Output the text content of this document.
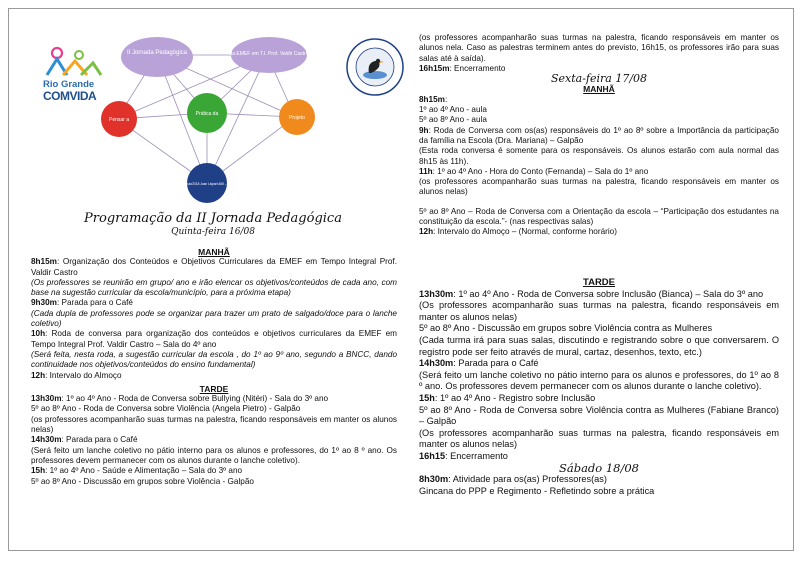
Rio Grande
COMVIDA
II Jornada Pedagógica	da EMEF em T.I. Prof. Valdir Castro
Pensar a
Prática da
Projeto
16 - 18/Agosto/2018 Joan Lispart.485 - Santa Rosa
Programação da II Jornada Pedagógica
Quinta-feira 16/08

MANHÃ

8h15m: Organização dos Conteúdos e Objetivos Curriculares da EMEF em Tempo Integral Prof. Valdir Castro

(Os professores se reunirão em grupo/ ano e irão elencar os objetivos/conteúdos de cada ano, com base na sugestão curricular da escola/município, para a próxima etapa)

9h30m: Parada para o Café

(Cada dupla de professores pode se organizar para trazer um prato de salgado/doce para o lanche coletivo)

10h: Roda de conversa para organização dos conteúdos e objetivos curriculares da EMEF em Tempo Integral Prof. Valdir Castro – Sala do 4º ano

(Será feita, nesta roda, a sugestão curricular da escola , do 1º ao 9º ano, segundo a BNCC, dando continuidade nos objetivos/conteúdos do ensino fundamental)

12h: Intervalo do Almoço

TARDE

13h30m: 1º ao 4º Ano - Roda de Conversa sobre Bullying (Nitéri) - Sala do 3º ano

5º ao 8º Ano - Roda de Conversa sobre Violência (Angela Pietro) - Galpão

(os professores acompanharão suas turmas na palestra, ficando responsáveis em manter os alunos nelas)

14h30m: Parada para o Café

(Será feito um lanche coletivo no pátio interno para os alunos e professores, do 1º ao 8 º ano. Os professores devem permanecer com os alunos durante o lanche coletivo).

15h: 1º ao 4º Ano - Saúde e Alimentação – Sala do 3º ano

5º ao 8º Ano - Discussão em grupos sobre Violência - Galpão

(os professores acompanharão suas turmas na palestra, ficando responsáveis em manter os alunos nela. Caso as palestras terminem antes do previsto, 16h15, os professores irão para suas salas até à saída).

16h15m: Encerramento

Sexta-feira 17/08

MANHÃ

8h15m:

1º ao 4º Ano - aula

5º ao 8º Ano - aula

9h: Roda de Conversa com os(as) responsáveis do 1º ao 8º sobre a Importância da participação da família na Escola (Dra. Mariana) – Galpão

(Esta roda conversa é somente para os responsáveis. Os alunos estarão com aula normal das 8h15 às 11h).

11h: 1º ao 4º Ano - Hora do Conto (Fernanda) – Sala do 1º ano

(os professores acompanharão suas turmas na palestra, ficando responsáveis em manter os alunos nelas)

5º ao 8º Ano – Roda de Conversa com a Orientação da escola – “Participação dos estudantes na constituição da escola.”- (nas respectivas salas)

12h: Intervalo do Almoço – (Normal, conforme horário)

TARDE

13h30m: 1º ao 4º Ano - Roda de Conversa sobre Inclusão (Bianca) – Sala do 3º ano

(Os professores acompanharão suas turmas na palestra, ficando responsáveis em manter os alunos nelas)

5º ao 8º Ano - Discussão em grupos sobre Violência contra as Mulheres

(Cada turma irá para suas salas, discutindo e registrando sobre o que conversarem. O registro pode ser feito através de mural, cartaz, desenhos, texto, etc.)

14h30m: Parada para o Café

(Será feito um lanche coletivo no pátio interno para os alunos e professores, do 1º ao 8 º ano. Os professores devem permanecer com os alunos durante o lanche coletivo).

15h: 1º ao 4º Ano - Registro sobre Inclusão

5º ao 8º Ano - Roda de Conversa sobre Violência contra as Mulheres (Fabiane Branco) – Galpão

(Os professores acompanharão suas turmas na palestra, ficando responsáveis em manter os alunos nelas)

16h15: Encerramento

Sábado 18/08

8h30m: Atividade para os(as) Professores(as)

Gincana do PPP e Regimento - Refletindo sobre a prática
